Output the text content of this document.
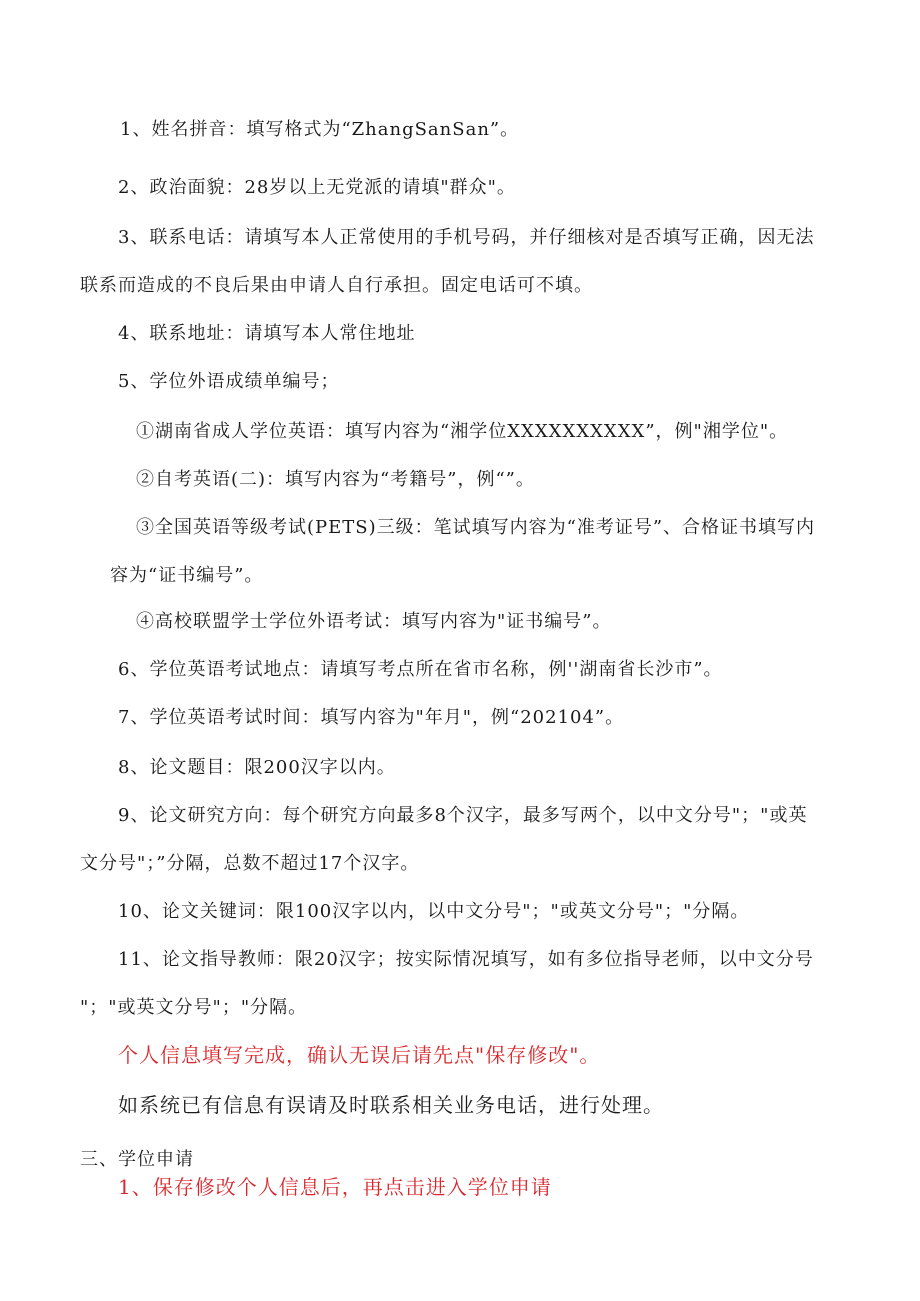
1、姓名拼音：填写格式为“ZhangSanSan”。
2、政治面貌：28岁以上无党派的请填"群众"。
3、联系电话：请填写本人正常使用的手机号码，并仔细核对是否填写正确，因无法
联系而造成的不良后果由申请人自行承担。固定电话可不填。
4、联系地址：请填写本人常住地址
5、学位外语成绩单编号；
①湖南省成人学位英语：填写内容为“湘学位XXXXXXXXXX”，例"湘学位"。
②自考英语(二)：填写内容为“考籍号”，例“”。
③全国英语等级考试(PETS)三级：笔试填写内容为“准考证号”、合格证书填写内
容为“证书编号”。
④高校联盟学士学位外语考试：填写内容为"证书编号”。
6、学位英语考试地点：请填写考点所在省市名称，例''湖南省长沙市”。
7、学位英语考试时间：填写内容为"年月"，例“202104”。
8、论文题目：限200汉字以内。
9、论文研究方向：每个研究方向最多8个汉字，最多写两个，以中文分号"；"或英
文分号"；”分隔，总数不超过17个汉字。
10、论文关键词：限100汉字以内，以中文分号"；"或英文分号"；"分隔。
11、论文指导教师：限20汉字；按实际情况填写，如有多位指导老师，以中文分号
"；"或英文分号"；"分隔。
个人信息填写完成，确认无误后请先点"保存修改"。
如系统已有信息有误请及时联系相关业务电话，进行处理。
三、学位申请
1、保存修改个人信息后，再点击进入学位申请
